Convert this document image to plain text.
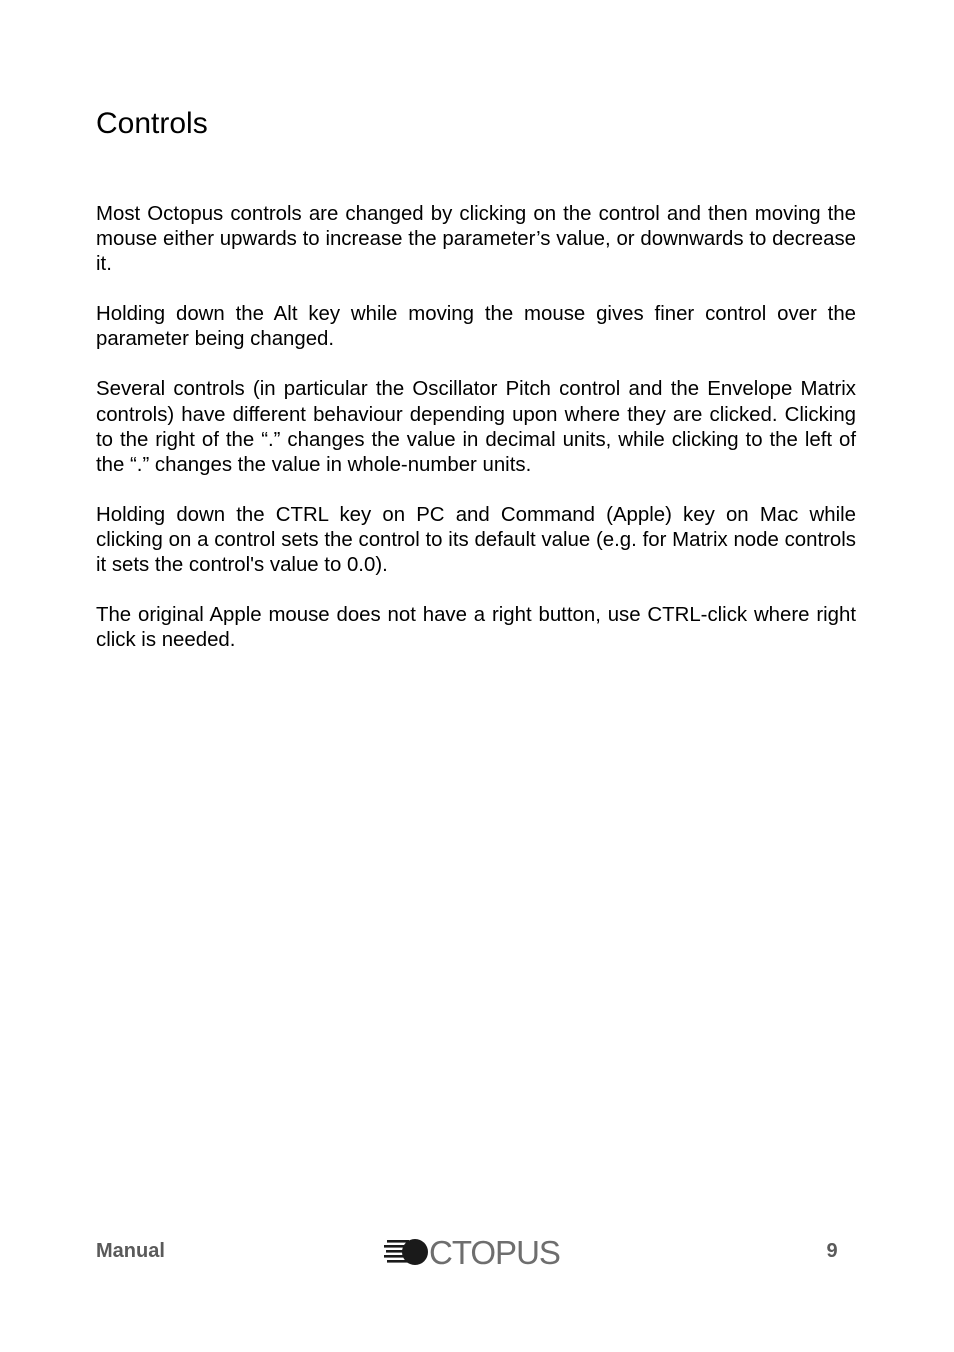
Controls

Most Octopus controls are changed by clicking on the control and then moving the mouse either upwards to increase the parameter’s value, or downwards to decrease it.

Holding down the Alt key while moving the mouse gives finer control over the parameter being changed.

Several controls (in particular the Oscillator Pitch control and the Envelope Matrix controls) have different behaviour depending upon where they are clicked. Clicking to the right of the “.” changes the value in decimal units, while clicking to the left of the “.” changes the value in whole-number units.

Holding down the CTRL key on PC and Command (Apple) key on Mac while clicking on a control sets the control to its default value (e.g. for Matrix node controls it sets the control's value to 0.0).

The original Apple mouse does not have a right button, use CTRL-click where right click is needed.

Manual	CTOPUS	9
